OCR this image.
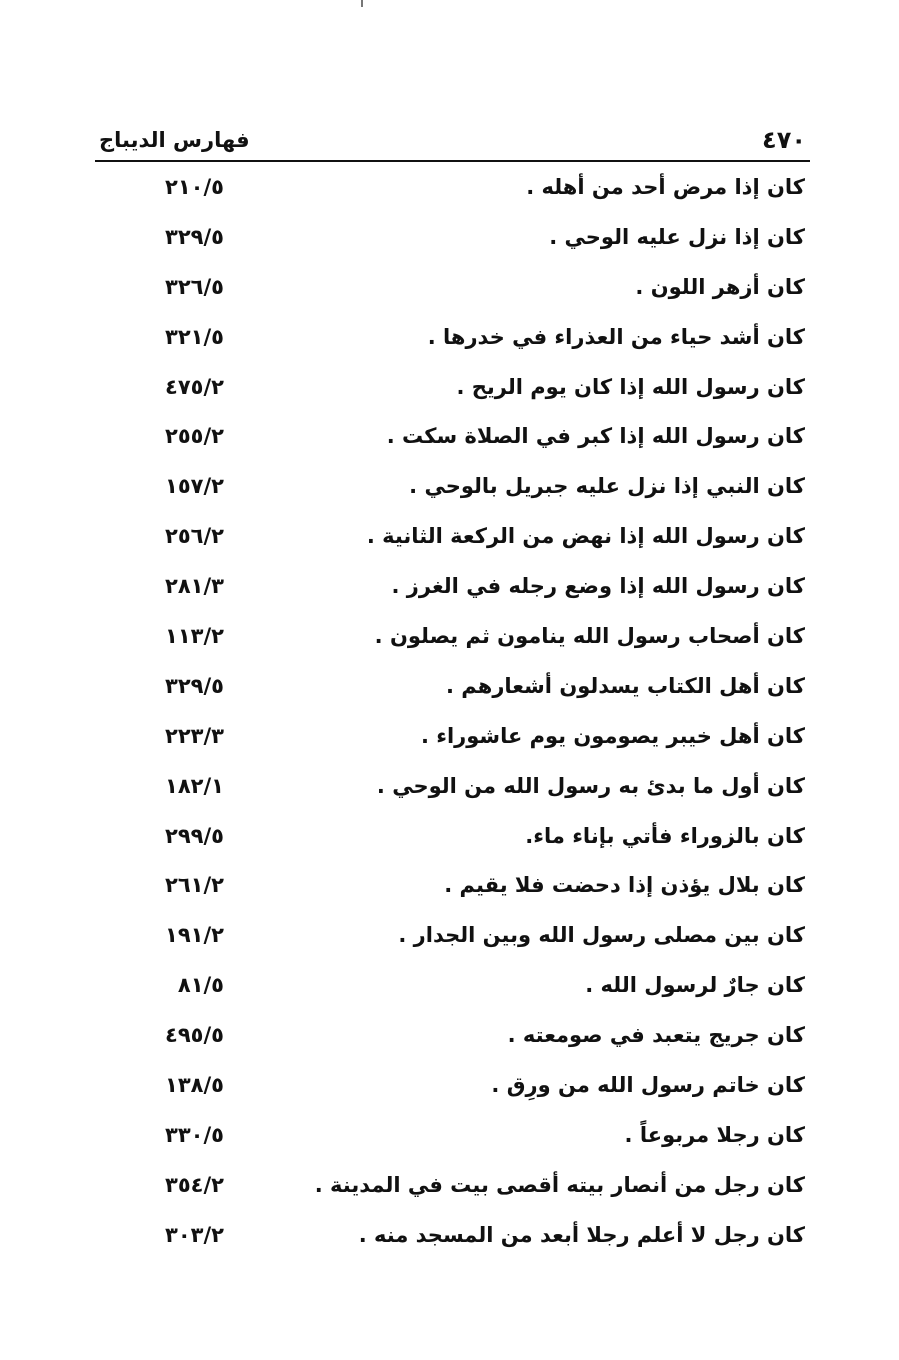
٤٧٠
فهارس الديباج
كان إذا مرض أحد من أهله .
٢١٠/٥
كان إذا نزل عليه الوحي .
٣٢٩/٥
كان أزهر اللون .
٣٢٦/٥
كان أشد حياء من العذراء في خدرها .
٣٢١/٥
كان رسول الله إذا كان يوم الريح .
٤٧٥/٢
كان رسول الله إذا كبر في الصلاة سكت .
٢٥٥/٢
كان النبي إذا نزل عليه جبريل بالوحي .
١٥٧/٢
كان رسول الله إذا نهض من الركعة الثانية .
٢٥٦/٢
كان رسول الله إذا وضع رجله في الغرز .
٢٨١/٣
كان أصحاب رسول الله ينامون ثم يصلون .
١١٣/٢
كان أهل الكتاب يسدلون أشعارهم .
٣٢٩/٥
كان أهل خيبر يصومون يوم عاشوراء .
٢٢٣/٣
كان أول ما بدئ به رسول الله من الوحي .
١٨٢/١
كان بالزوراء فأتي بإناء ماء.
٢٩٩/٥
كان بلال يؤذن إذا دحضت فلا يقيم .
٢٦١/٢
كان بين مصلى رسول الله وبين الجدار .
١٩١/٢
كان جارٌ لرسول الله .
٨١/٥
كان جريج يتعبد في صومعته .
٤٩٥/٥
كان خاتم رسول الله من ورِق .
١٣٨/٥
كان رجلا مربوعاً .
٣٣٠/٥
كان رجل من أنصار بيته أقصى بيت في المدينة .
٣٥٤/٢
كان رجل لا أعلم رجلا أبعد من المسجد منه .
٣٠٣/٢
